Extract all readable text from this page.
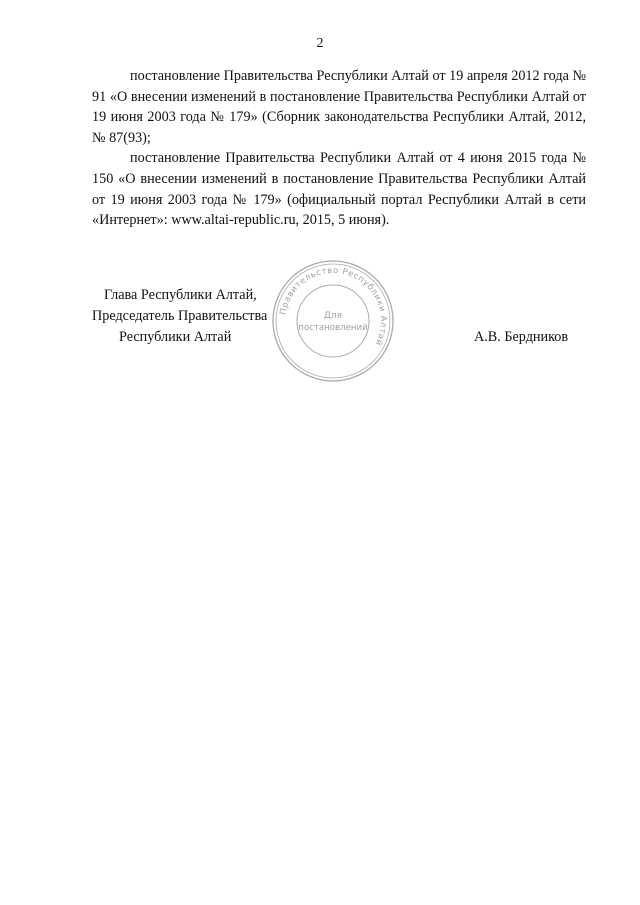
2

постановление Правительства Республики Алтай от 19 апреля 2012 года № 91 «О внесении изменений в постановление Правительства Республики Алтай от 19 июня 2003 года № 179» (Сборник законодательства Республики Алтай, 2012, № 87(93);

постановление Правительства Республики Алтай от 4 июня 2015 года № 150 «О внесении изменений в постановление Правительства Республики Алтай от 19 июня 2003 года № 179» (официальный портал Республики Алтай в сети «Интернет»: www.altai-republic.ru, 2015, 5 июня).

Глава Республики Алтай,
Председатель Правительства
Республики Алтай
Правительство Республики Алтай
Для
постановлений
А.В. Бердников
